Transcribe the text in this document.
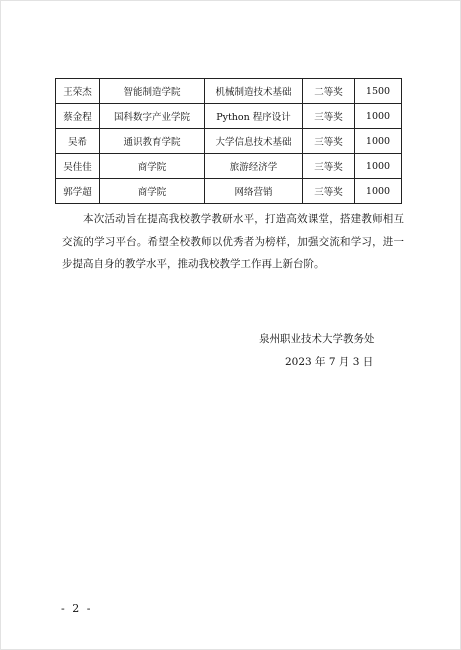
王荣杰	智能制造学院	机械制造技术基础	二等奖	1500
蔡金程	国科数字产业学院	Python 程序设计	三等奖	1000
吴希	通识教育学院	大学信息技术基础	三等奖	1000
吴佳佳	商学院	旅游经济学	三等奖	1000
郭学超	商学院	网络营销	三等奖	1000

本次活动旨在提高我校教学教研水平，打造高效课堂，搭建教师相互交流的学习平台。希望全校教师以优秀者为榜样，加强交流和学习，进一步提高自身的教学水平，推动我校教学工作再上新台阶。

泉州职业技术大学教务处
2023 年 7 月 3 日
- 2 -
